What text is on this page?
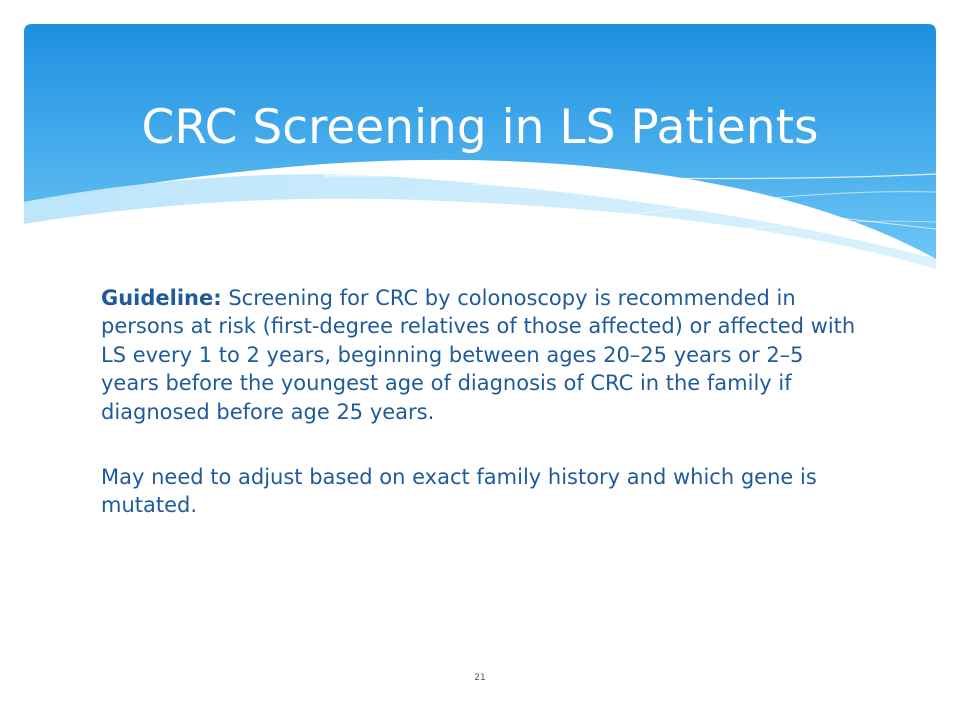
CRC Screening in LS Patients

Guideline: Screening for CRC by colonoscopy is recommended in persons at risk (first-degree relatives of those affected) or affected with LS every 1 to 2 years, beginning between ages 20–25 years or 2–5 years before the youngest age of diagnosis of CRC in the family if diagnosed before age 25 years.

May need to adjust based on exact family history and which gene is mutated.

21
